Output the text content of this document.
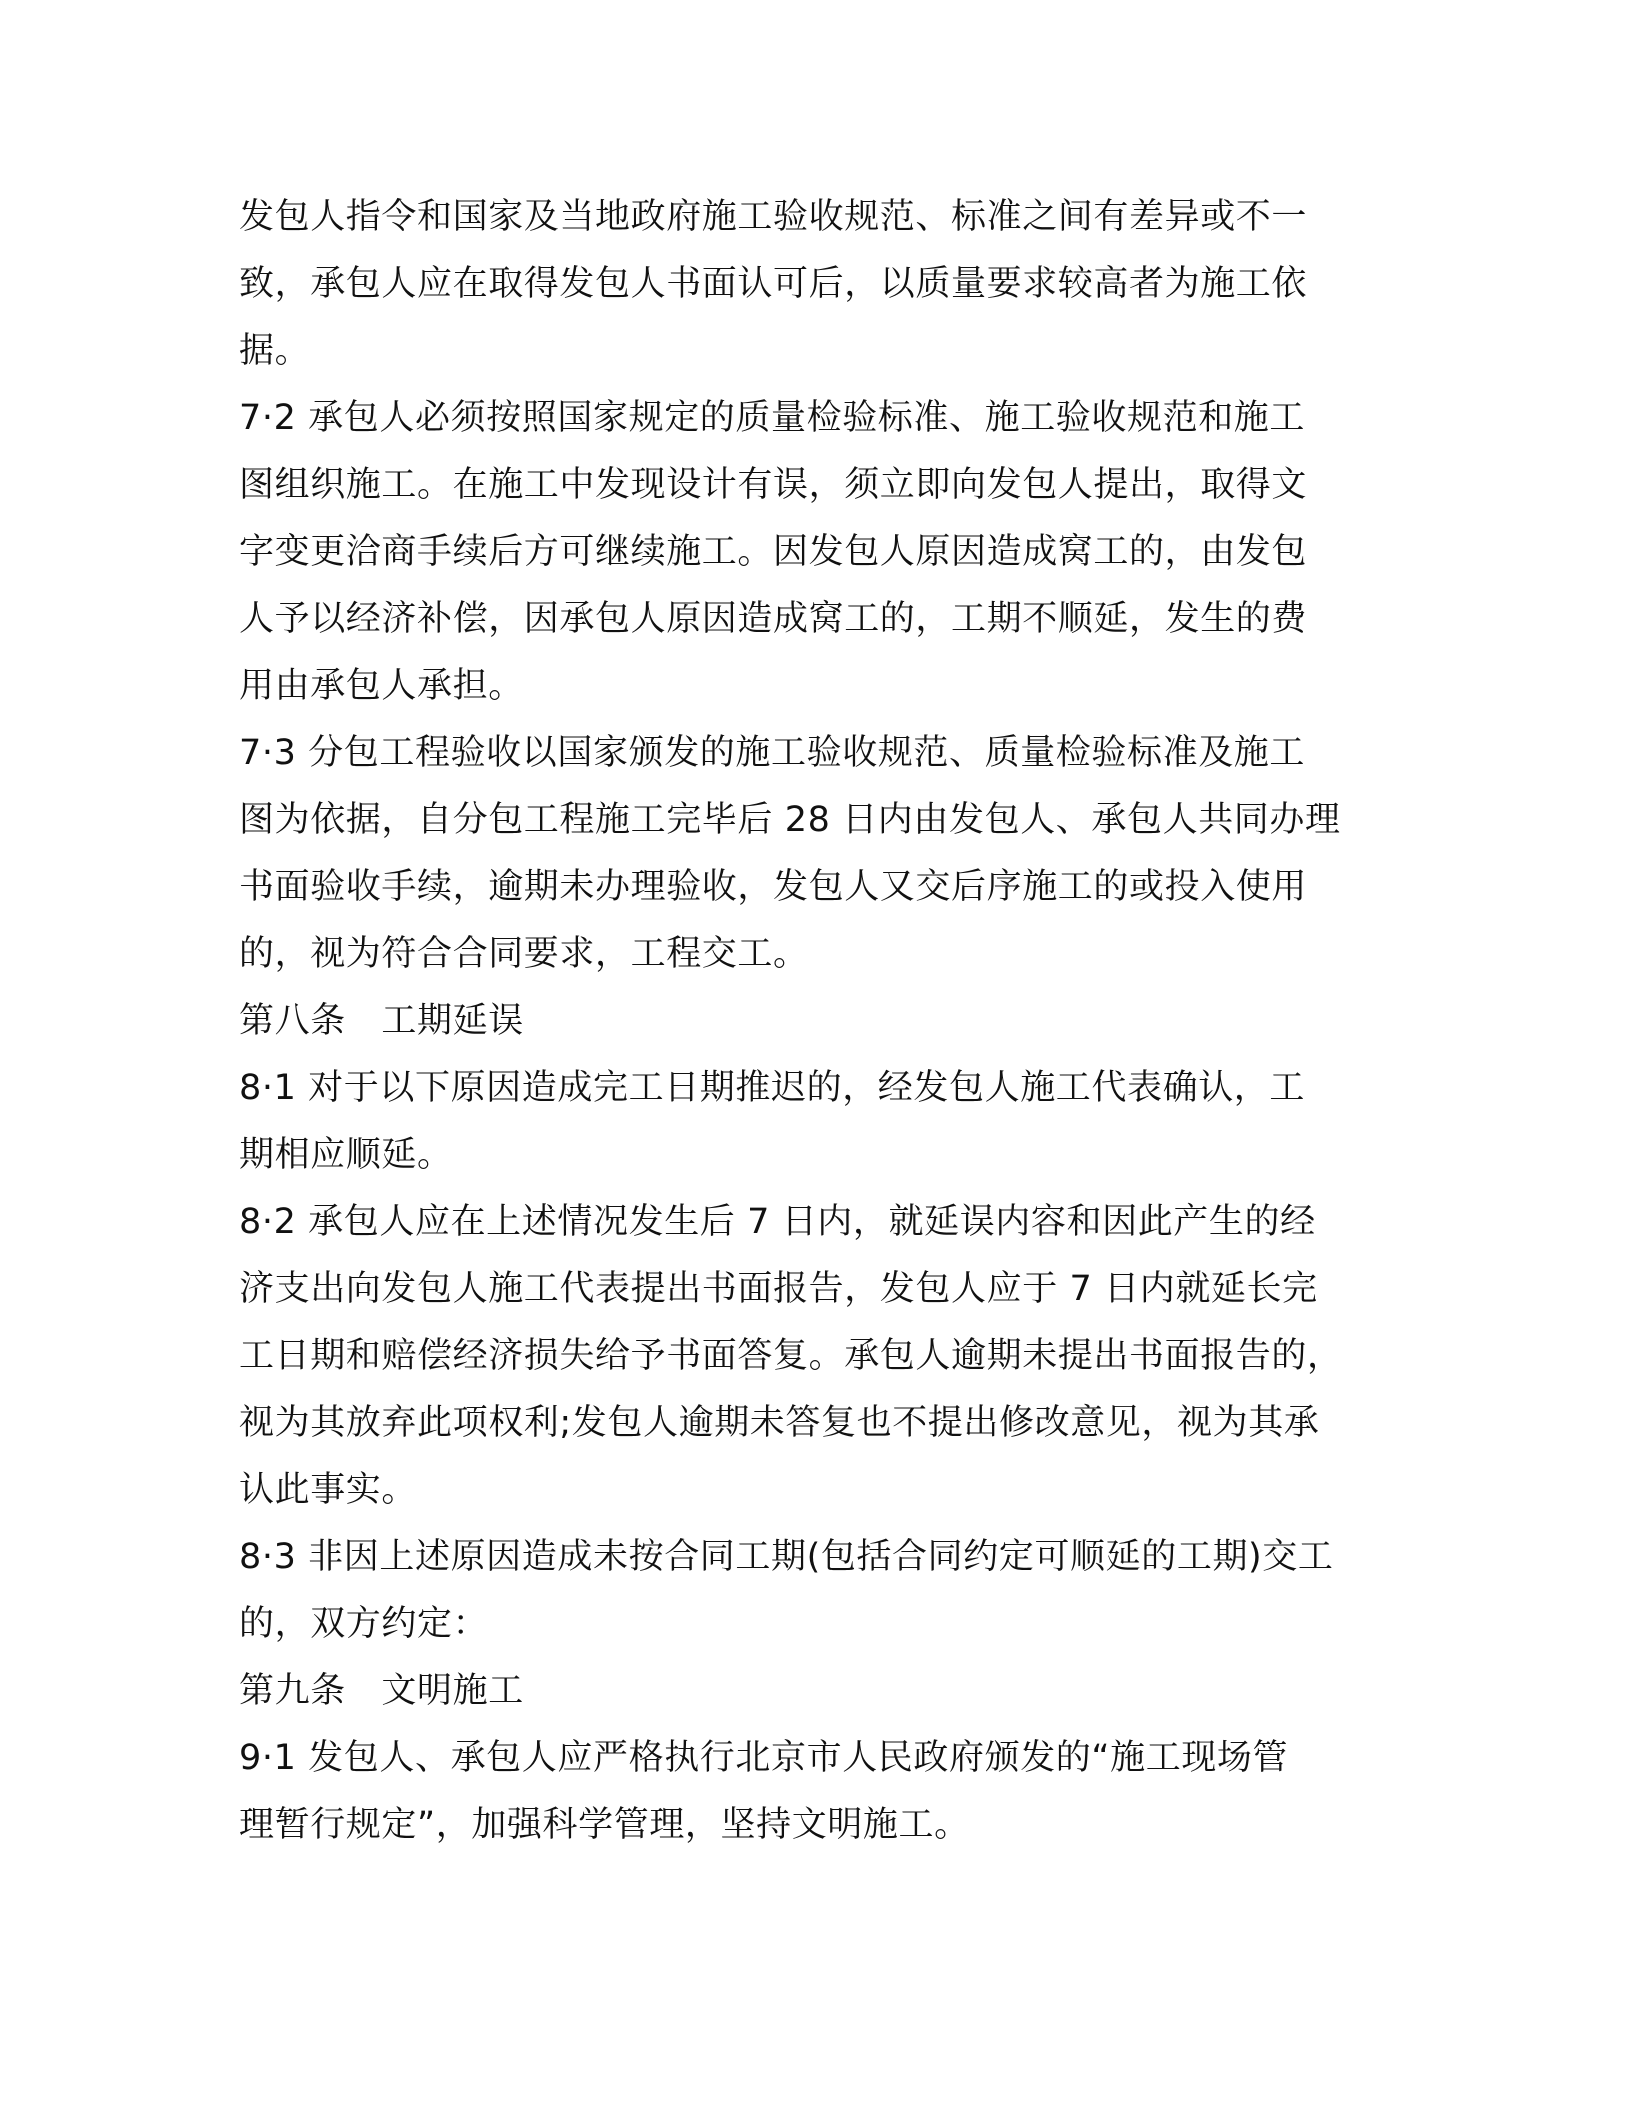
发包人指令和国家及当地政府施工验收规范、标准之间有差异或不一
致，承包人应在取得发包人书面认可后，以质量要求较高者为施工依
据。
7·2 承包人必须按照国家规定的质量检验标准、施工验收规范和施工
图组织施工。在施工中发现设计有误，须立即向发包人提出，取得文
字变更洽商手续后方可继续施工。因发包人原因造成窝工的，由发包
人予以经济补偿，因承包人原因造成窝工的，工期不顺延，发生的费
用由承包人承担。
7·3 分包工程验收以国家颁发的施工验收规范、质量检验标准及施工
图为依据，自分包工程施工完毕后 28 日内由发包人、承包人共同办理
书面验收手续，逾期未办理验收，发包人又交后序施工的或投入使用
的，视为符合合同要求，工程交工。
第八条　工期延误
8·1 对于以下原因造成完工日期推迟的，经发包人施工代表确认，工
期相应顺延。
8·2 承包人应在上述情况发生后 7 日内，就延误内容和因此产生的经
济支出向发包人施工代表提出书面报告，发包人应于 7 日内就延长完
工日期和赔偿经济损失给予书面答复。承包人逾期未提出书面报告的，
视为其放弃此项权利;发包人逾期未答复也不提出修改意见，视为其承
认此事实。
8·3 非因上述原因造成未按合同工期(包括合同约定可顺延的工期)交工
的，双方约定：
第九条　文明施工
9·1 发包人、承包人应严格执行北京市人民政府颁发的“施工现场管
理暂行规定”，加强科学管理，坚持文明施工。
